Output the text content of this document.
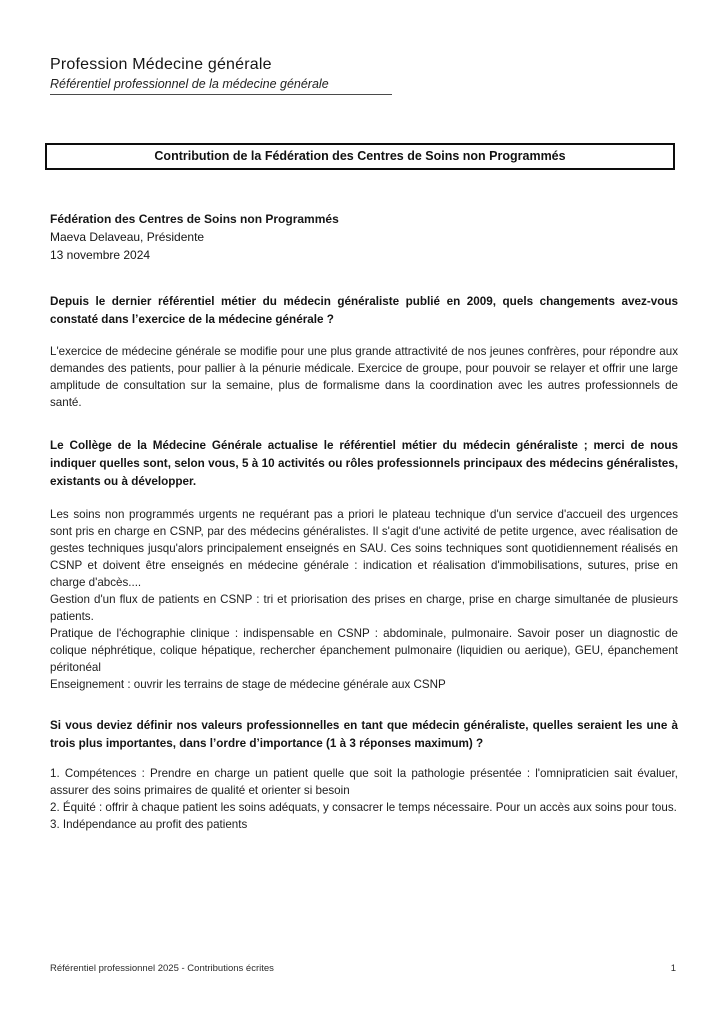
Profession Médecine générale
Référentiel professionnel de la médecine générale
Contribution de la Fédération des Centres de Soins non Programmés
Fédération des Centres de Soins non Programmés
Maeva Delaveau, Présidente
13 novembre 2024
Depuis le dernier référentiel métier du médecin généraliste publié en 2009, quels changements avez-vous constaté dans l’exercice de la médecine générale ?
L'exercice de médecine générale se modifie pour une plus grande attractivité de nos jeunes confrères, pour répondre aux demandes des patients, pour pallier à la pénurie médicale. Exercice de groupe, pour pouvoir se relayer et offrir une large amplitude de consultation sur la semaine, plus de formalisme dans la coordination avec les autres professionnels de santé.
Le Collège de la Médecine Générale actualise le référentiel métier du médecin généraliste ; merci de nous indiquer quelles sont, selon vous, 5 à 10 activités ou rôles professionnels principaux des médecins généralistes, existants ou à développer.
Les soins non programmés urgents ne requérant pas a priori le plateau technique d'un service d'accueil des urgences sont pris en charge en CSNP, par des médecins généralistes. Il s'agit d'une activité de petite urgence, avec réalisation de gestes techniques jusqu'alors principalement enseignés en SAU. Ces soins techniques sont quotidiennement réalisés en CSNP et doivent être enseignés en médecine générale : indication et réalisation d'immobilisations, sutures, prise en charge d'abcès....
Gestion d'un flux de patients en CSNP : tri et priorisation des prises en charge, prise en charge simultanée de plusieurs patients.
Pratique de l'échographie clinique : indispensable en CSNP : abdominale, pulmonaire. Savoir poser un diagnostic de colique néphrétique, colique hépatique, rechercher épanchement pulmonaire (liquidien ou aerique), GEU, épanchement péritonéal
Enseignement : ouvrir les terrains de stage de médecine générale aux CSNP
Si vous deviez définir nos valeurs professionnelles en tant que médecin généraliste, quelles seraient les une à trois plus importantes, dans l’ordre d’importance (1 à 3 réponses maximum) ?
1. Compétences : Prendre en charge un patient quelle que soit la pathologie présentée : l'omnipraticien sait évaluer, assurer des soins primaires de qualité et orienter si besoin
2. Équité : offrir à chaque patient les soins adéquats, y consacrer le temps nécessaire. Pour un accès aux soins pour tous.
3. Indépendance au profit des patients
Référentiel professionnel 2025 - Contributions écrites	1
